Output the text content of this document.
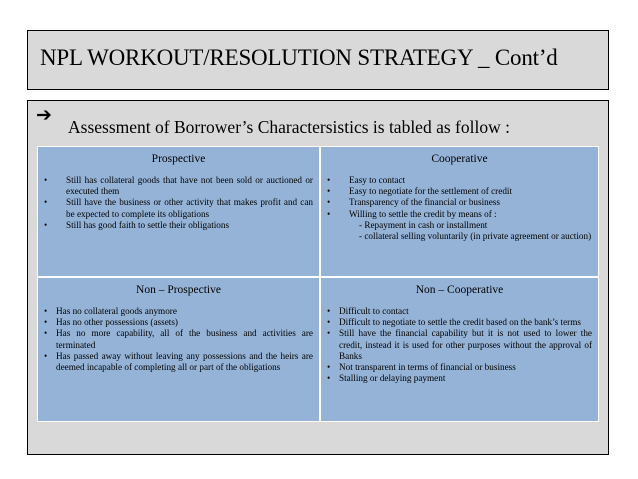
NPL WORKOUT/RESOLUTION STRATEGY _ Cont’d
➔
Assessment of Borrower’s Charactersistics is tabled as follow :
Prospective
• Still has collateral goods that have not been sold or auctioned or executed them
• Still have the business or other activity that makes profit and can be expected to complete its obligations
• Still has good faith to settle their obligations
Cooperative
• Easy to contact
• Easy to negotiate for the settlement of credit
• Transparency of the financial or business
• Willing to settle the credit by means of :
- Repayment in cash or installment
- collateral selling voluntarily (in private agreement or auction)
Non – Prospective
• Has no collateral goods anymore
• Has no other possessions (assets)
• Has no more capability, all of the business and activities are terminated
• Has passed away without leaving any possessions and the heirs are deemed incapable of completing all or part of the obligations
Non – Cooperative
• Difficult to contact
• Difficult to negotiate to settle the credit based on the bank’s terms
• Still have the financial capability but it is not used to lower the credit, instead it is used for other purposes without the approval of Banks
• Not transparent in terms of financial or business
• Stalling or delaying payment
